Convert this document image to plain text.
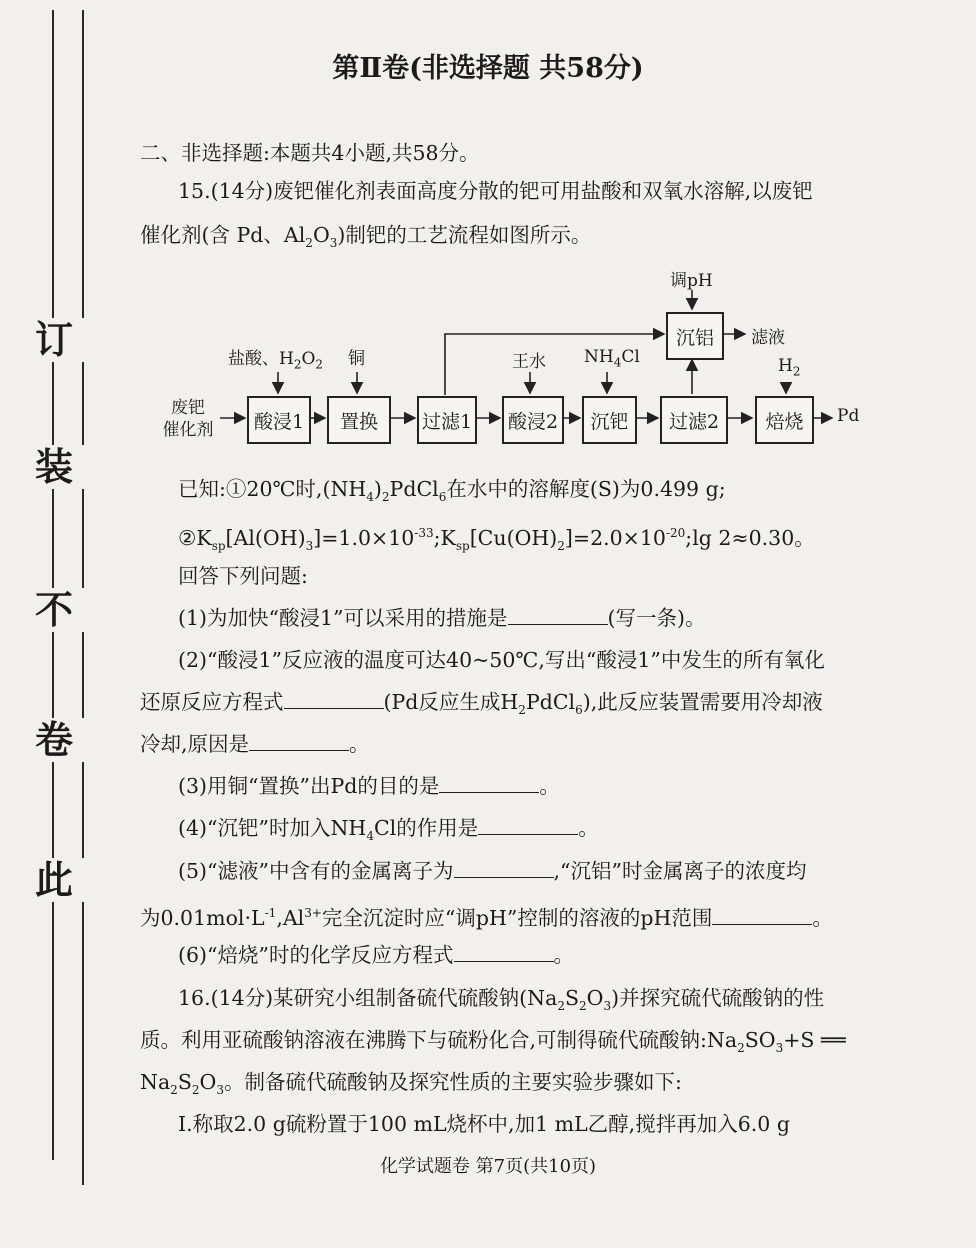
订
装
不
卷
此
第Ⅱ卷(非选择题 共58分)
二、非选择题:本题共4小题,共58分。
15.(14分)废钯催化剂表面高度分散的钯可用盐酸和双氧水溶解,以废钯
催化剂(含 Pd、$Al_2O_3$)制钯的工艺流程如图所示。
废钯
催化剂	酸浸1	置换	过滤1	酸浸2	沉钯	过滤2	焙烧
沉铝
盐酸、$H_2O_2$ 铜	王水 $NH_4Cl$
调pH
$H_2$
滤液
Pd
已知:①20℃时$,(NH_4)_2PdCl_6$在水中的溶解度(S)为0.499 g;
$②K_{sp}[Al(OH)_3]=1.0\times 10^{-33};K_{sp}[Cu(OH)_2]=2.0\times 10^{-20};\lg$ 2≈0.30。
回答下列问题:
(1)为加快“酸浸1”可以采用的措施是	(写一条)。
(2)“酸浸1”反应液的温度可达40~50℃,写出“酸浸1”中发生的所有氧化
还原反应方程式	(Pd反应生成$H_2PdCl_6$),此反应装置需要用冷却液
冷却,原因是	。
(3)用铜“置换”出Pd的目的是	。
(4)“沉钯”时加入$NH_4Cl$的作用是	。
(5)“滤液”中含有的金属离子为	,“沉铝”时金属离子的浓度均
为$0.01mol\cdot L^{-1},Al^{3+}$完全沉淀时应“调pH”控制的溶液的pH范围	。
(6)“焙烧”时的化学反应方程式	。
16.(14分)某研究小组制备硫代硫酸钠$(Na_2S_2O_3)$并探究硫代硫酸钠的性
质。利用亚硫酸钠溶液在沸腾下与硫粉化合,可制得硫代硫酸钠$:Na_2SO_3+S$ ══
$Na_2S_2O_3$。制备硫代硫酸钠及探究性质的主要实验步骤如下:
Ⅰ.称取2.0 g硫粉置于100 mL烧杯中,加1 mL乙醇,搅拌再加入6.0 g
化学试题卷 第7页(共10页)
